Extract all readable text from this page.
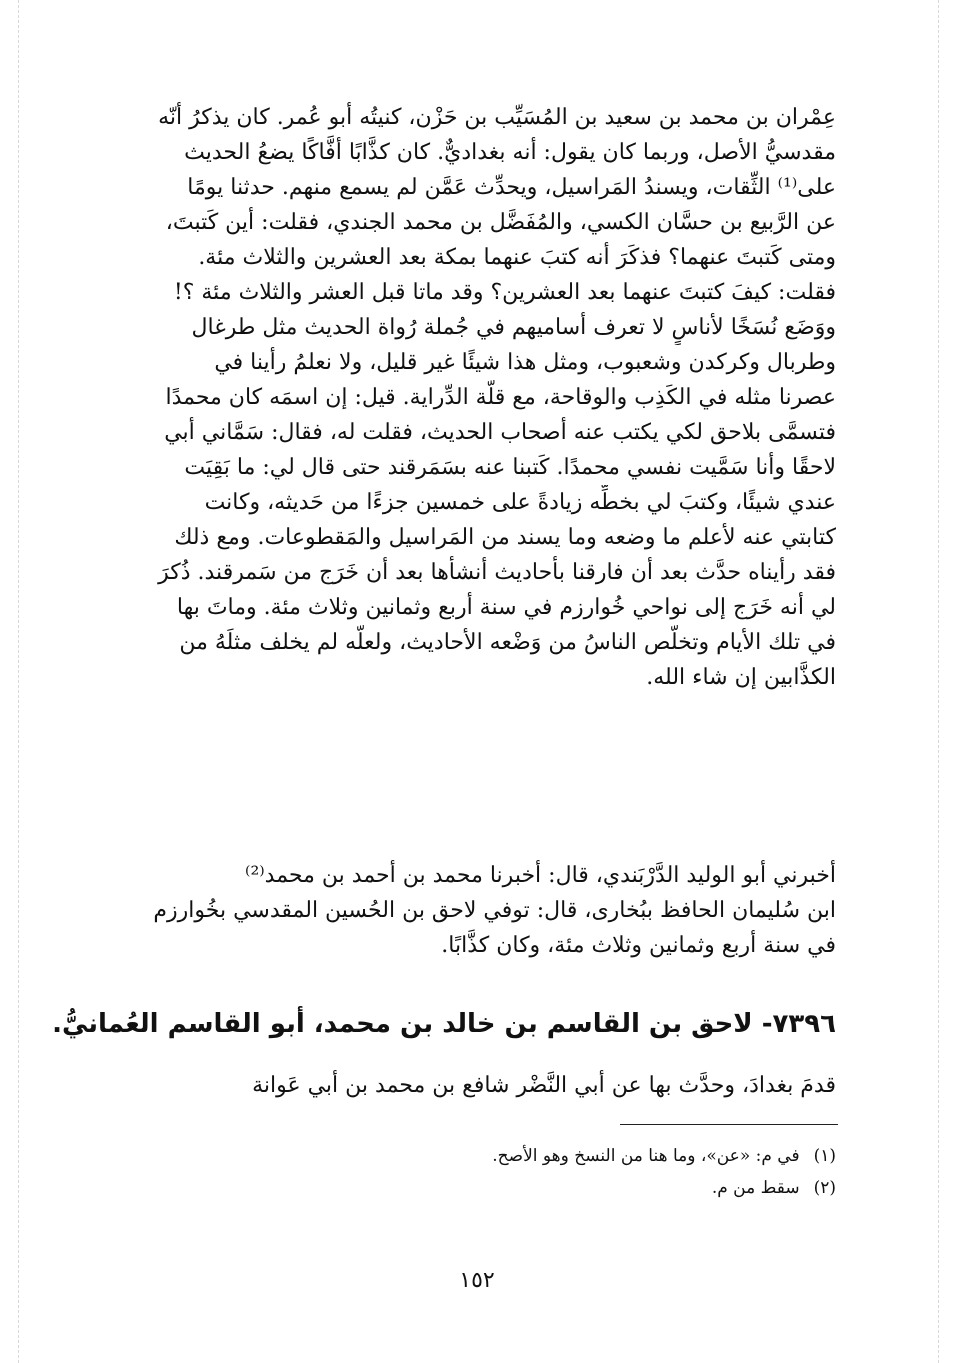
عِمْران بن محمد بن سعيد بن المُسَيِّب بن حَزْن، كنيتُه أبو عُمر. كان يذكرُ أنّه
مقدسيُّ الأصل، وربما كان يقول: أنه بغداديٌّ. كان كذَّابًا أفَّاكًا يضعُ الحديث
على⁽¹⁾ الثِّقات، ويسندُ المَراسيل، ويحدِّث عَمَّن لم يسمع منهم. حدثنا يومًا
عن الرَّبيع بن حسَّان الكسي، والمُفَضَّل بن محمد الجندي، فقلت: أين كَتبتَ،
ومتى كَتبتَ عنهما؟ فذكَرَ أنه كتبَ عنهما بمكة بعد العشرين والثلاث مئة.
فقلت: كيفَ كتبتَ عنهما بعد العشرين؟ وقد ماتا قبل العشر والثلاث مئة ؟!
ووَضَع نُسَخًا لأناسٍ لا تعرف أساميهم في جُملة رُواة الحديث مثل طرغال
وطربال وكركدن وشعبوب، ومثل هذا شيئًا غير قليل، ولا نعلمُ رأينا في
عصرنا مثله في الكَذِب والوقاحة، مع قلَّة الدِّراية. قيل: إن اسمَه كان محمدًا
فتسمَّى بلاحق لكي يكتب عنه أصحاب الحديث، فقلت له، فقال: سَمَّاني أبي
لاحقًا وأنا سَمَّيت نفسي محمدًا. كَتبنا عنه بسَمَرقند حتى قال لي: ما بَقِيَت
عندي شيئًا، وكتبَ لي بخطِّه زيادةً على خمسين جزءًا من حَديثه، وكانت
كتابتي عنه لأعلم ما وضعه وما يسند من المَراسيل والمَقطوعات. ومع ذلك
فقد رأيناه حدَّث بعد أن فارقنا بأحاديث أنشأها بعد أن خَرَج من سَمرقند. ذُكرَ
لي أنه خَرَج إلى نواحي خُوارزم في سنة أربع وثمانين وثلاث مئة. وماتَ بها
في تلك الأيام وتخلَّص الناسُ من وَضْعه الأحاديث، ولعلَّه لم يخلف مثلَهُ من
الكذَّابين إن شاء الله.
أخبرني أبو الوليد الدَّرْبَندي، قال: أخبرنا محمد بن أحمد بن محمد⁽²⁾
ابن سُليمان الحافظ ببُخارى، قال: توفي لاحق بن الحُسين المقدسي بخُوارزم
في سنة أربع وثمانين وثلاث مئة، وكان كذَّابًا.
٧٣٩٦- لاحق بن القاسم بن خالد بن محمد، أبو القاسم العُمانيُّ.
قدمَ بغدادَ، وحدَّث بها عن أبي النَّضْر شافع بن محمد بن أبي عَوانة
(١)في م: «عن»، وما هنا من النسخ وهو الأصح.
(٢)سقط من م.
١٥٢
